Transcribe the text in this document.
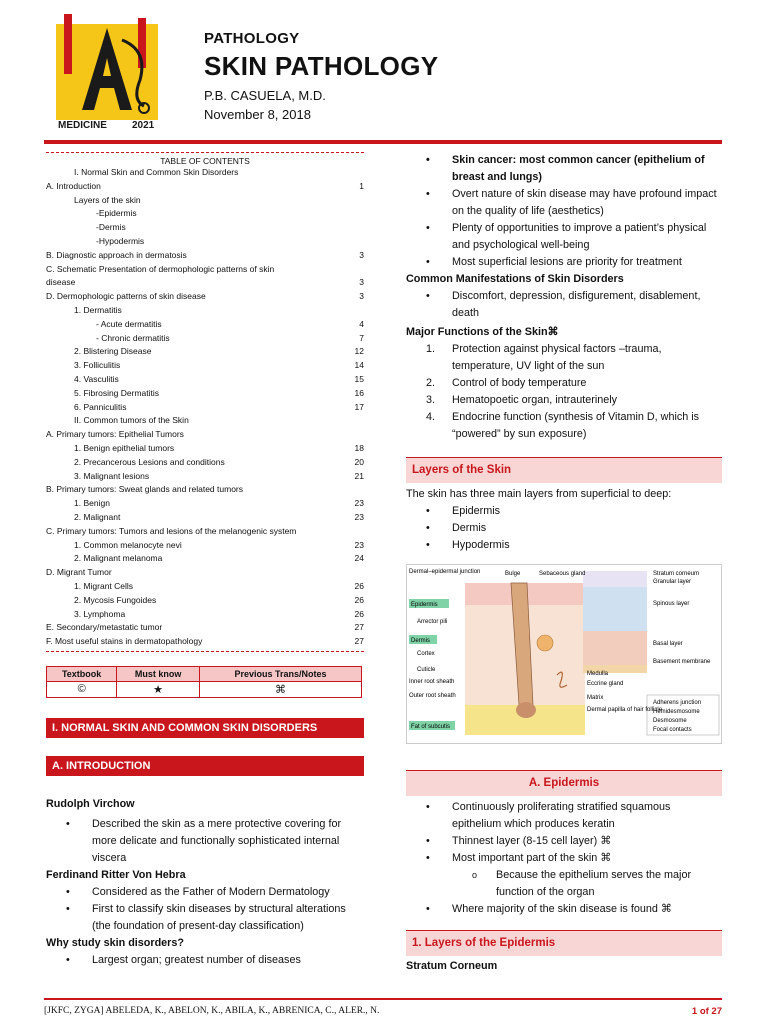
MEDICINE	2021
PATHOLOGY
SKIN PATHOLOGY
P.B. CASUELA, M.D.
November 8, 2018
TABLE OF CONTENTS
I. Normal Skin and Common Skin Disorders
A. Introduction	1
Layers of the skin
-Epidermis
-Dermis
-Hypodermis
B. Diagnostic approach in dermatosis	3
C. Schematic Presentation of dermophologic patterns of skin
disease	3
D. Dermophologic patterns of skin disease	3
1. Dermatitis
- Acute dermatitis	4
- Chronic dermatitis	7
2. Blistering Disease	12
3. Folliculitis	14
4. Vasculitis	15
5. Fibrosing Dermatitis	16
6. Panniculitis	17
II. Common tumors of the Skin
A. Primary tumors: Epithelial Tumors
1. Benign epithelial tumors	18
2. Precancerous Lesions and conditions	20
3. Malignant lesions	21
B. Primary tumors: Sweat glands and related tumors
1. Benign	23
2. Malignant	23
C. Primary tumors: Tumors and lesions of the melanogenic system
1. Common melanocyte nevi	23
2. Malignant melanoma	24
D. Migrant Tumor
1. Migrant Cells	26
2. Mycosis Fungoides	26
3. Lymphoma	26
E. Secondary/metastatic tumor	27
F. Most useful stains in dermatopathology	27
Textbook	Must know	Previous Trans/Notes
©	★	⌘
I. NORMAL SKIN AND COMMON SKIN DISORDERS
A. INTRODUCTION
Rudolph Virchow
• Described the skin as a mere protective covering for more delicate and functionally sophisticated internal viscera
Ferdinand Ritter Von Hebra
• Considered as the Father of Modern Dermatology
• First to classify skin diseases by structural alterations (the foundation of present-day classification)
Why study skin disorders?
• Largest organ; greatest number of diseases
• Skin cancer: most common cancer (epithelium of breast and lungs)
• Overt nature of skin disease may have profound impact on the quality of life (aesthetics)
• Plenty of opportunities to improve a patient’s physical and psychological well-being
• Most superficial lesions are priority for treatment
Common Manifestations of Skin Disorders
• Discomfort, depression, disfigurement, disablement, death
Major Functions of the Skin⌘
1. Protection against physical factors –trauma, temperature, UV light of the sun
2. Control of body temperature
3. Hematopoetic organ, intrauterinely
4. Endocrine function (synthesis of Vitamin D, which is “powered” by sun exposure)
Layers of the Skin
The skin has three main layers from superficial to deep:
• Epidermis
• Dermis
• Hypodermis
Dermal–epidermal junction	Bulge	Sebaceous gland	Stratum corneum
Granular layer
Spinous layer
Basal layer
Basement membrane
Epidermis
Arrector pili
Dermis
Cortex
Cuticle
Inner root sheath
Outer root sheath
Fat of subcutis
Medulla
Eccrine gland
Matrix
Dermal papilla of hair follicle
Adherens junction
Hemidesmosome
Desmosome
Focal contacts
A. Epidermis
• Continuously proliferating stratified squamous epithelium which produces keratin
• Thinnest layer (8-15 cell layer) ⌘
• Most important part of the skin ⌘
o Because the epithelium serves the major function of the organ
• Where majority of the skin disease is found ⌘
1. Layers of the Epidermis
Stratum Corneum
[JKFC, ZYGA] ABELEDA, K., ABELON, K., ABILA, K., ABRENICA, C., ALER., N.	1 of 27
